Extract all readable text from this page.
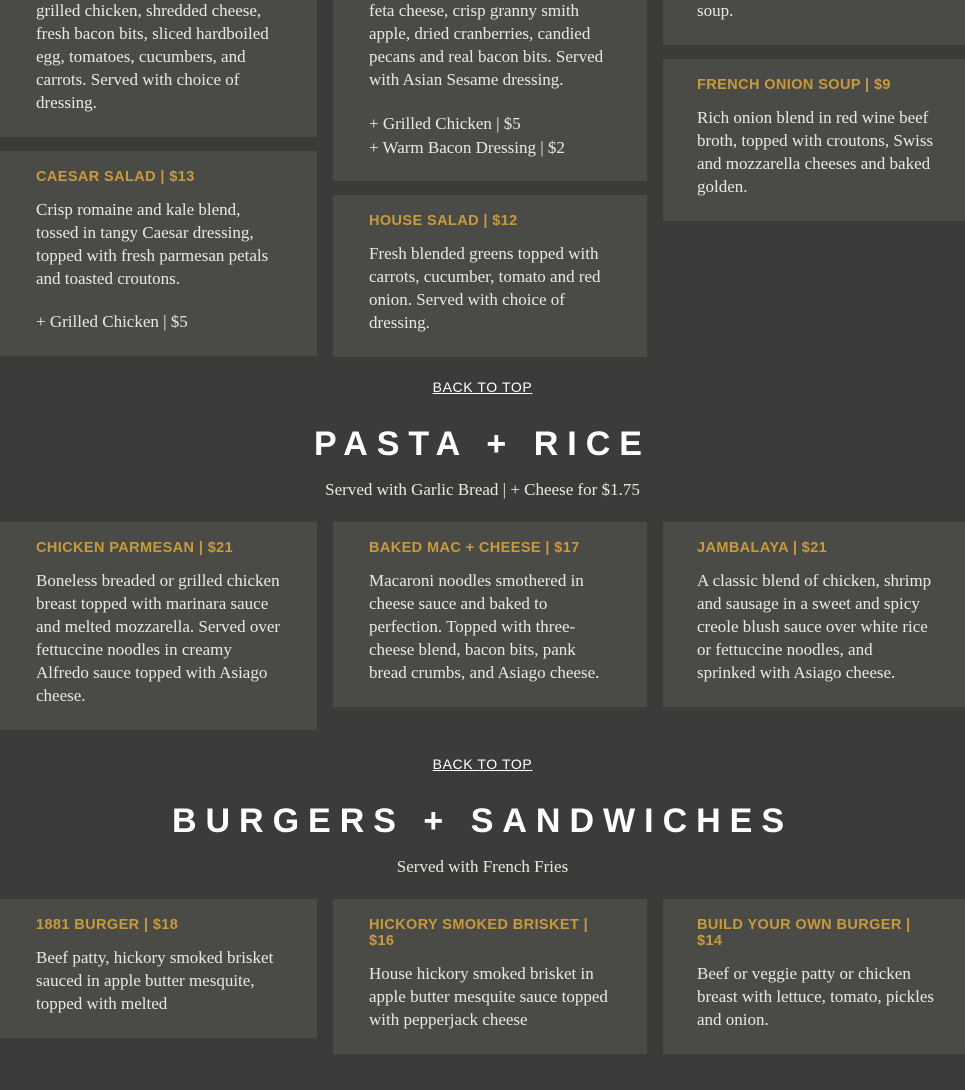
grilled chicken, shredded cheese, fresh bacon bits, sliced hardboiled egg, tomatoes, cucumbers, and carrots. Served with choice of dressing.

CAESAR SALAD | $13

Crisp romaine and kale blend, tossed in tangy Caesar dressing, topped with fresh parmesan petals and toasted croutons.

+ Grilled Chicken | $5

feta cheese, crisp granny smith apple, dried cranberries, candied pecans and real bacon bits. Served with Asian Sesame dressing.

+ Grilled Chicken | $5
+ Warm Bacon Dressing | $2
HOUSE SALAD | $12

Fresh blended greens topped with carrots, cucumber, tomato and red onion. Served with choice of dressing.

soup.

FRENCH ONION SOUP | $9

Rich onion blend in red wine beef broth, topped with croutons, Swiss and mozzarella cheeses and baked golden.

BACK TO TOP
PASTA + RICE

Served with Garlic Bread | + Cheese for $1.75

CHICKEN PARMESAN | $21

Boneless breaded or grilled chicken breast topped with marinara sauce and melted mozzarella. Served over fettuccine noodles in creamy Alfredo sauce topped with Asiago cheese.

BAKED MAC + CHEESE | $17

Macaroni noodles smothered in cheese sauce and baked to perfection. Topped with three-cheese blend, bacon bits, pank bread crumbs, and Asiago cheese.

JAMBALAYA | $21

A classic blend of chicken, shrimp and sausage in a sweet and spicy creole blush sauce over white rice or fettuccine noodles, and sprinked with Asiago cheese.

BACK TO TOP
BURGERS + SANDWICHES

Served with French Fries

1881 BURGER | $18

Beef patty, hickory smoked brisket sauced in apple butter mesquite, topped with melted

HICKORY SMOKED BRISKET | $16

House hickory smoked brisket in apple butter mesquite sauce topped with pepperjack cheese

BUILD YOUR OWN BURGER | $14

Beef or veggie patty or chicken breast with lettuce, tomato, pickles and onion.
